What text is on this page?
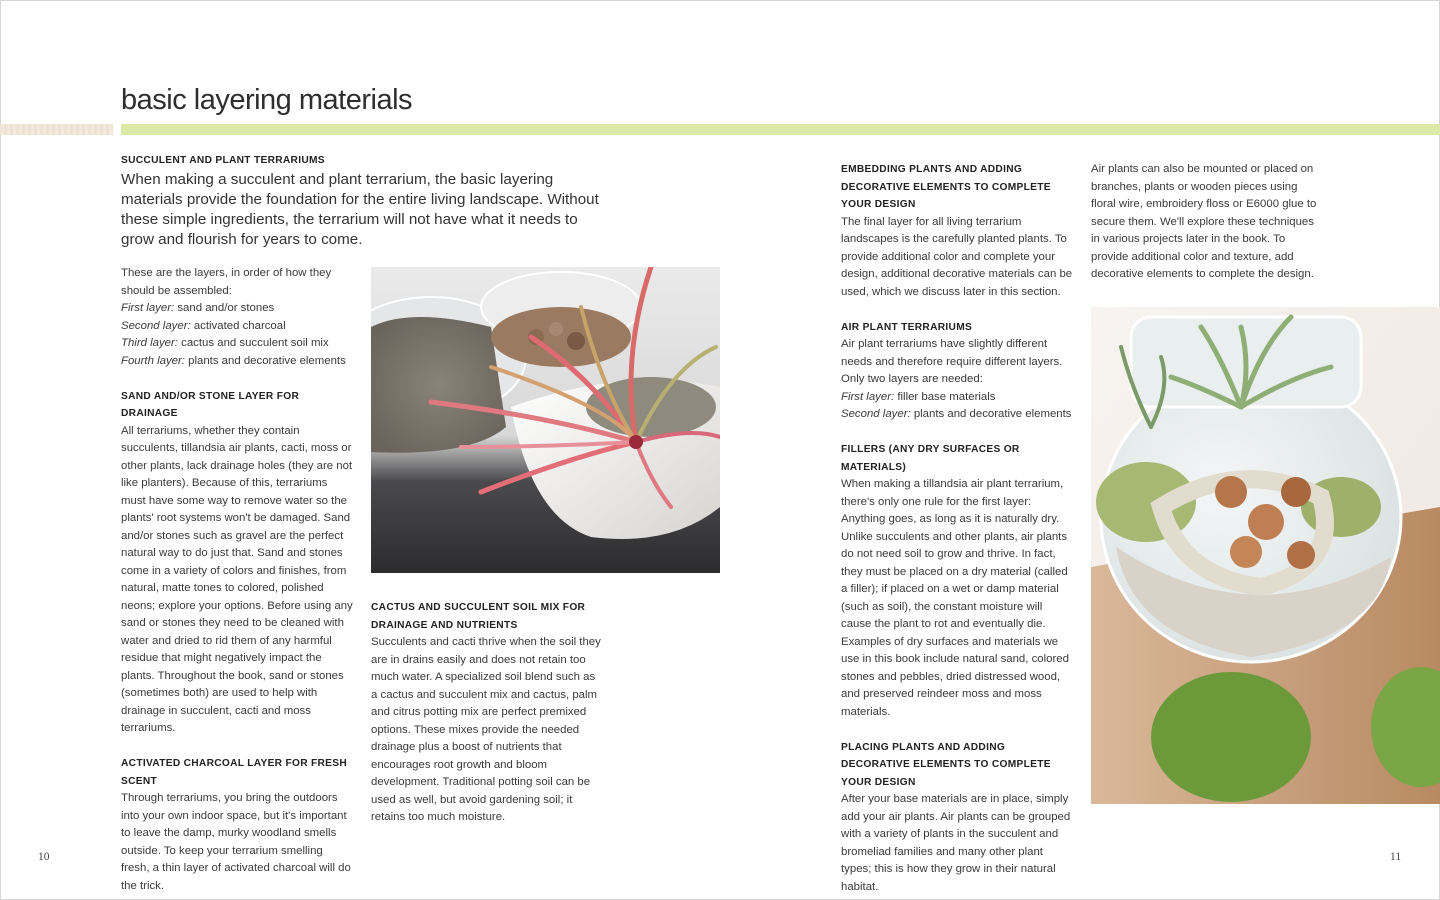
basic layering materials
SUCCULENT AND PLANT TERRARIUMS

When making a succulent and plant terrarium, the basic layering materials provide the foundation for the entire living landscape. Without these simple ingredients, the terrarium will not have what it needs to grow and flourish for years to come.

These are the layers, in order of how they should be assembled:

First layer: sand and/or stones

Second layer: activated charcoal

Third layer: cactus and succulent soil mix

Fourth layer: plants and decorative elements

SAND AND/OR STONE LAYER FOR DRAINAGE

All terrariums, whether they contain succulents, tillandsia air plants, cacti, moss or other plants, lack drainage holes (they are not like planters). Because of this, terrariums must have some way to remove water so the plants' root systems won't be damaged. Sand and/or stones such as gravel are the perfect natural way to do just that. Sand and stones come in a variety of colors and finishes, from natural, matte tones to colored, polished neons; explore your options. Before using any sand or stones they need to be cleaned with water and dried to rid them of any harmful residue that might negatively impact the plants. Throughout the book, sand or stones (sometimes both) are used to help with drainage in succulent, cacti and moss terrariums.

ACTIVATED CHARCOAL LAYER FOR FRESH SCENT

Through terrariums, you bring the outdoors into your own indoor space, but it's important to leave the damp, murky woodland smells outside. To keep your terrarium smelling fresh, a thin layer of activated charcoal will do the trick.

CACTUS AND SUCCULENT SOIL MIX FOR DRAINAGE AND NUTRIENTS

Succulents and cacti thrive when the soil they are in drains easily and does not retain too much water. A specialized soil blend such as a cactus and succulent mix and cactus, palm and citrus potting mix are perfect premixed options. These mixes provide the needed drainage plus a boost of nutrients that encourages root growth and bloom development. Traditional potting soil can be used as well, but avoid gardening soil; it retains too much moisture.

EMBEDDING PLANTS AND ADDING DECORATIVE ELEMENTS TO COMPLETE YOUR DESIGN

The final layer for all living terrarium landscapes is the carefully planted plants. To provide additional color and complete your design, additional decorative materials can be used, which we discuss later in this section.

AIR PLANT TERRARIUMS

Air plant terrariums have slightly different needs and therefore require different layers. Only two layers are needed:

First layer: filler base materials

Second layer: plants and decorative elements

FILLERS (ANY DRY SURFACES OR MATERIALS)

When making a tillandsia air plant terrarium, there's only one rule for the first layer: Anything goes, as long as it is naturally dry. Unlike succulents and other plants, air plants do not need soil to grow and thrive. In fact, they must be placed on a dry material (called a filler); if placed on a wet or damp material (such as soil), the constant moisture will cause the plant to rot and eventually die. Examples of dry surfaces and materials we use in this book include natural sand, colored stones and pebbles, dried distressed wood, and preserved reindeer moss and moss materials.

PLACING PLANTS AND ADDING DECORATIVE ELEMENTS TO COMPLETE YOUR DESIGN

After your base materials are in place, simply add your air plants. Air plants can be grouped with a variety of plants in the succulent and bromeliad families and many other plant types; this is how they grow in their natural habitat.

Air plants can also be mounted or placed on branches, plants or wooden pieces using floral wire, embroidery floss or E6000 glue to secure them. We'll explore these techniques in various projects later in the book. To provide additional color and texture, add decorative elements to complete the design.

10	11
